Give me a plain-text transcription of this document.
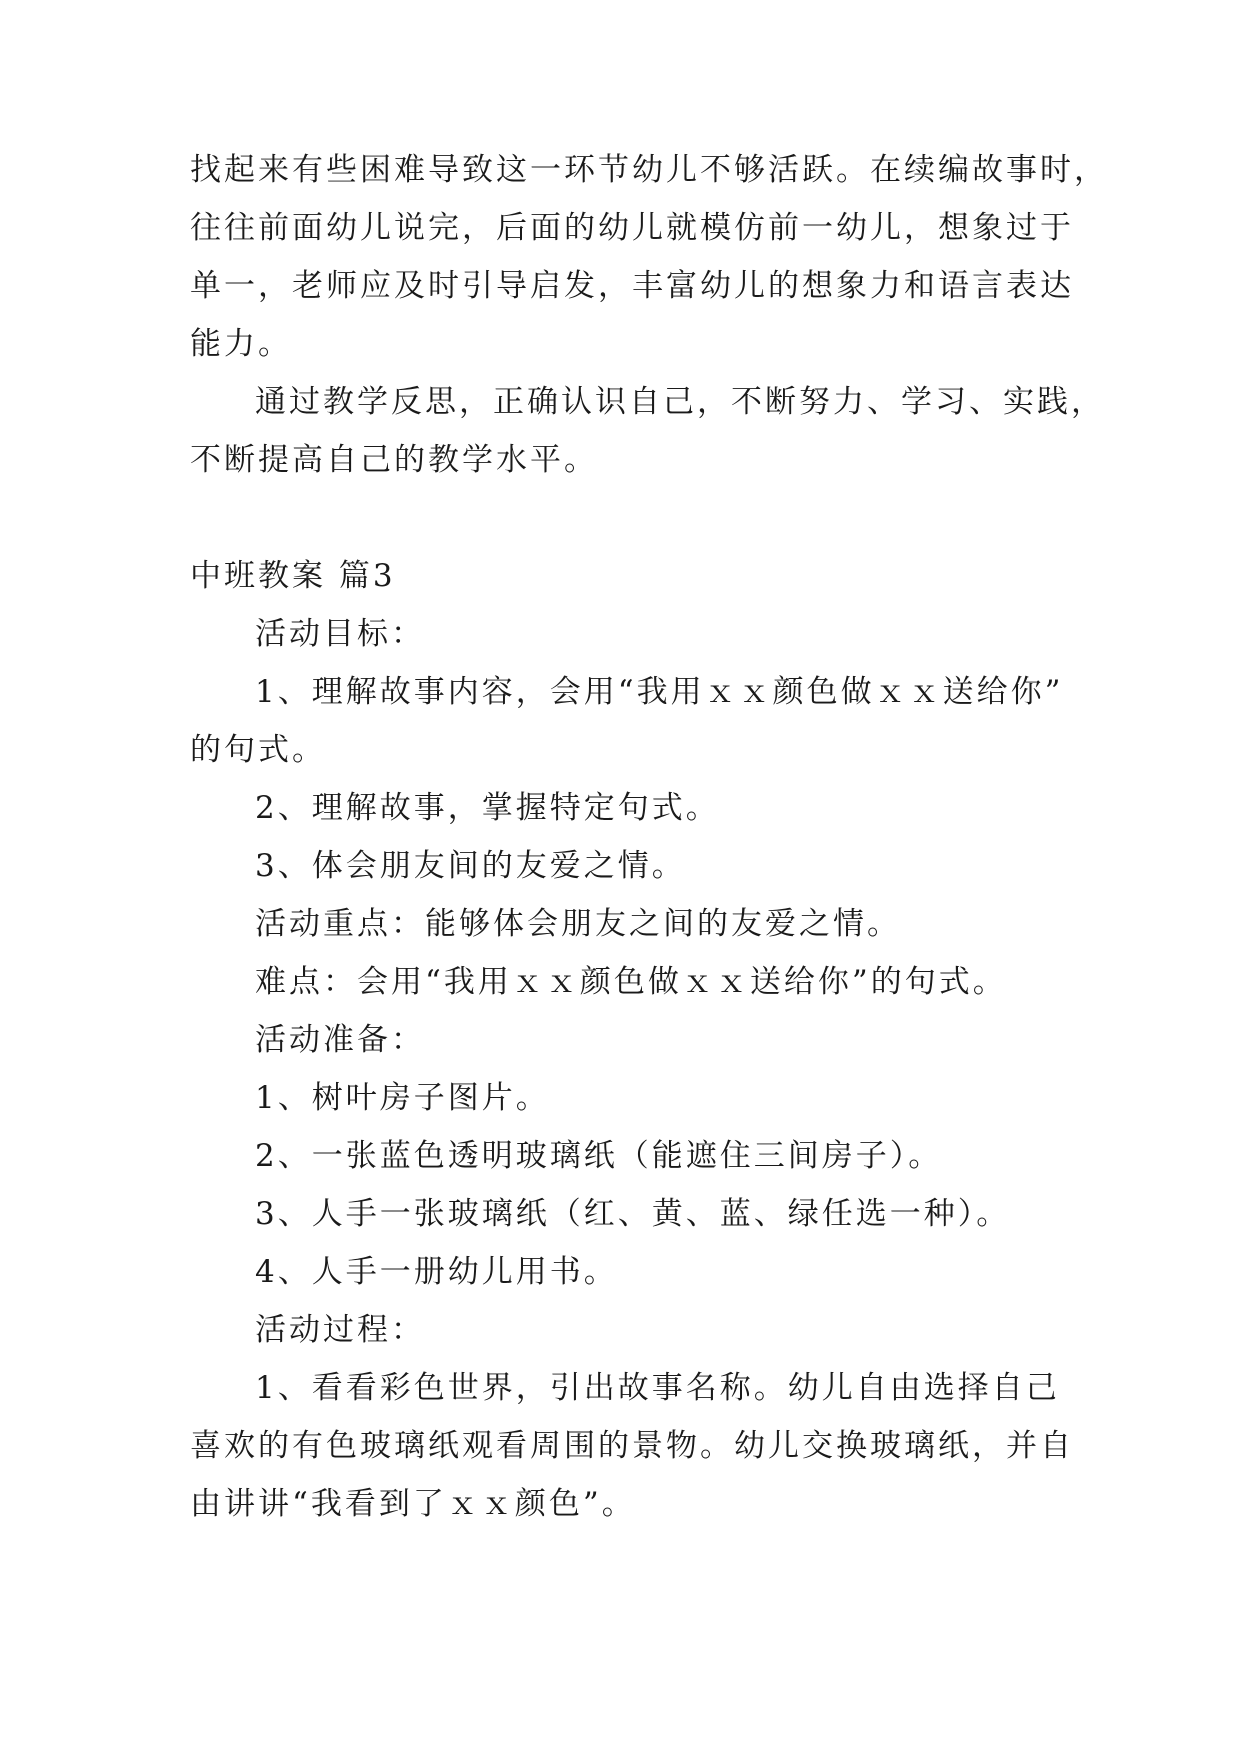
找起来有些困难导致这一环节幼儿不够活跃。在续编故事时，
往往前面幼儿说完，后面的幼儿就模仿前一幼儿，想象过于
单一，老师应及时引导启发，丰富幼儿的想象力和语言表达
能力。
通过教学反思，正确认识自己，不断努力、学习、实践，
不断提高自己的教学水平。
中班教案 篇3
活动目标：
1、理解故事内容，会用“我用ｘｘ颜色做ｘｘ送给你”
的句式。
2、理解故事，掌握特定句式。
3、体会朋友间的友爱之情。
活动重点：能够体会朋友之间的友爱之情。
难点：会用“我用ｘｘ颜色做ｘｘ送给你”的句式。
活动准备：
1、树叶房子图片。
2、一张蓝色透明玻璃纸（能遮住三间房子）。
3、人手一张玻璃纸（红、黄、蓝、绿任选一种）。
4、人手一册幼儿用书。
活动过程：
1、看看彩色世界，引出故事名称。幼儿自由选择自己
喜欢的有色玻璃纸观看周围的景物。幼儿交换玻璃纸，并自
由讲讲“我看到了ｘｘ颜色”。
